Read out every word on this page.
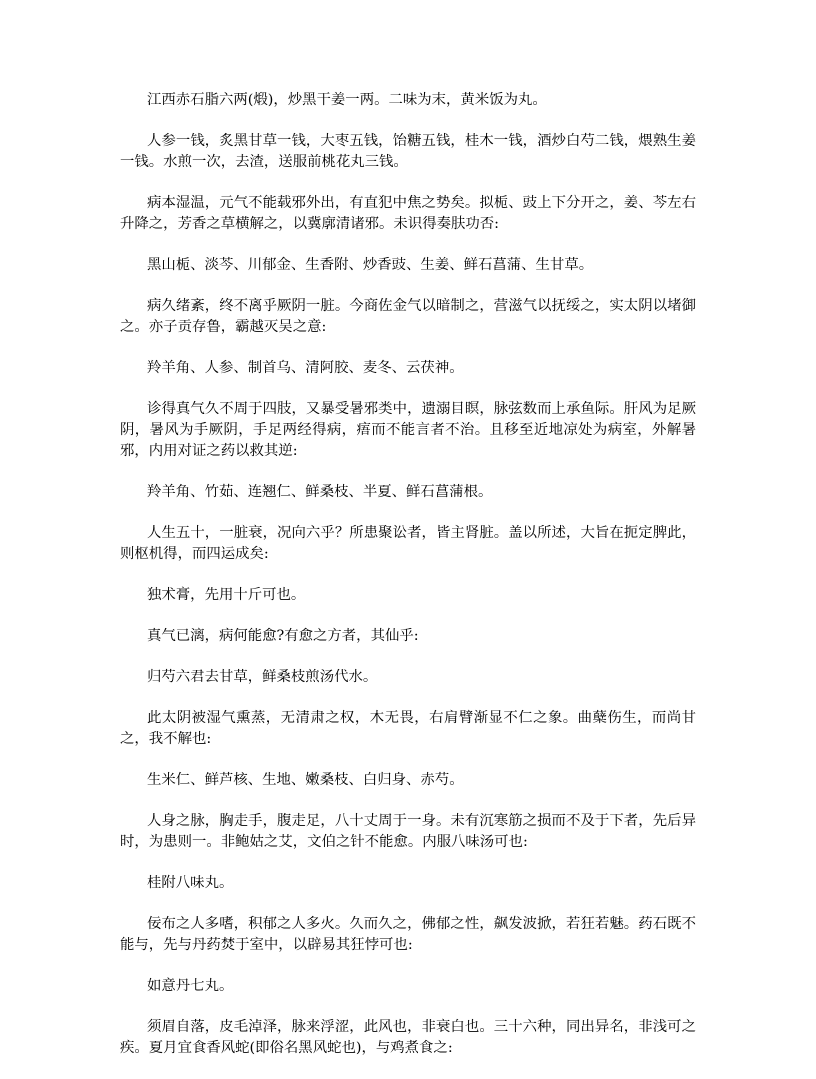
江西赤石脂六两(煅)，炒黑干姜一两。二味为末，黄米饭为丸。

人参一钱，炙黑甘草一钱，大枣五钱，饴糖五钱，桂木一钱，酒炒白芍二钱，煨熟生姜一钱。水煎一次，去渣，送服前桃花丸三钱。

病本湿温，元气不能载邪外出，有直犯中焦之势矣。拟栀、豉上下分开之，姜、芩左右升降之，芳香之草横解之，以冀廓清诸邪。未识得奏肤功否:

黑山栀、淡芩、川郁金、生香附、炒香豉、生姜、鲜石菖蒲、生甘草。

病久绪紊，终不离乎厥阴一脏。今商佐金气以暗制之，营滋气以抚绥之，实太阴以堵御之。亦子贡存鲁，霸越灭吴之意:

羚羊角、人参、制首乌、清阿胶、麦冬、云茯神。

诊得真气久不周于四肢，又暴受暑邪类中，遗溺目瞑，脉弦数而上承鱼际。肝风为足厥阴，暑风为手厥阴，手足两经得病，痦而不能言者不治。且移至近地凉处为病室，外解暑邪，内用对证之药以救其逆:

羚羊角、竹茹、连翘仁、鲜桑枝、半夏、鲜石菖蒲根。

人生五十，一脏衰，况向六乎？所患聚讼者，皆主肾脏。盖以所述，大旨在扼定脾此，则枢机得，而四运成矣:

独术膏，先用十斤可也。

真气已漓，病何能愈?有愈之方者，其仙乎:

归芍六君去甘草，鲜桑枝煎汤代水。

此太阴被湿气熏蒸，无清肃之权，木无畏，右肩臂渐显不仁之象。曲蘖伤生，而尚甘之，我不解也:

生米仁、鲜芦核、生地、嫩桑枝、白归身、赤芍。

人身之脉，胸走手，腹走足，八十丈周于一身。未有沉寒筋之损而不及于下者，先后异时，为患则一。非鲍姑之艾，文伯之针不能愈。内服八味汤可也:

桂附八味丸。

佞布之人多嗜，积郁之人多火。久而久之，佛郁之性，飙发波掀，若狂若魅。药石既不能与，先与丹药焚于室中，以辟易其狂悖可也:

如意丹七丸。

须眉自落，皮毛淖泽，脉来浮涩，此风也，非衰白也。三十六种，同出异名，非浅可之疾。夏月宜食香风蛇(即俗名黑风蛇也)，与鸡煮食之:
